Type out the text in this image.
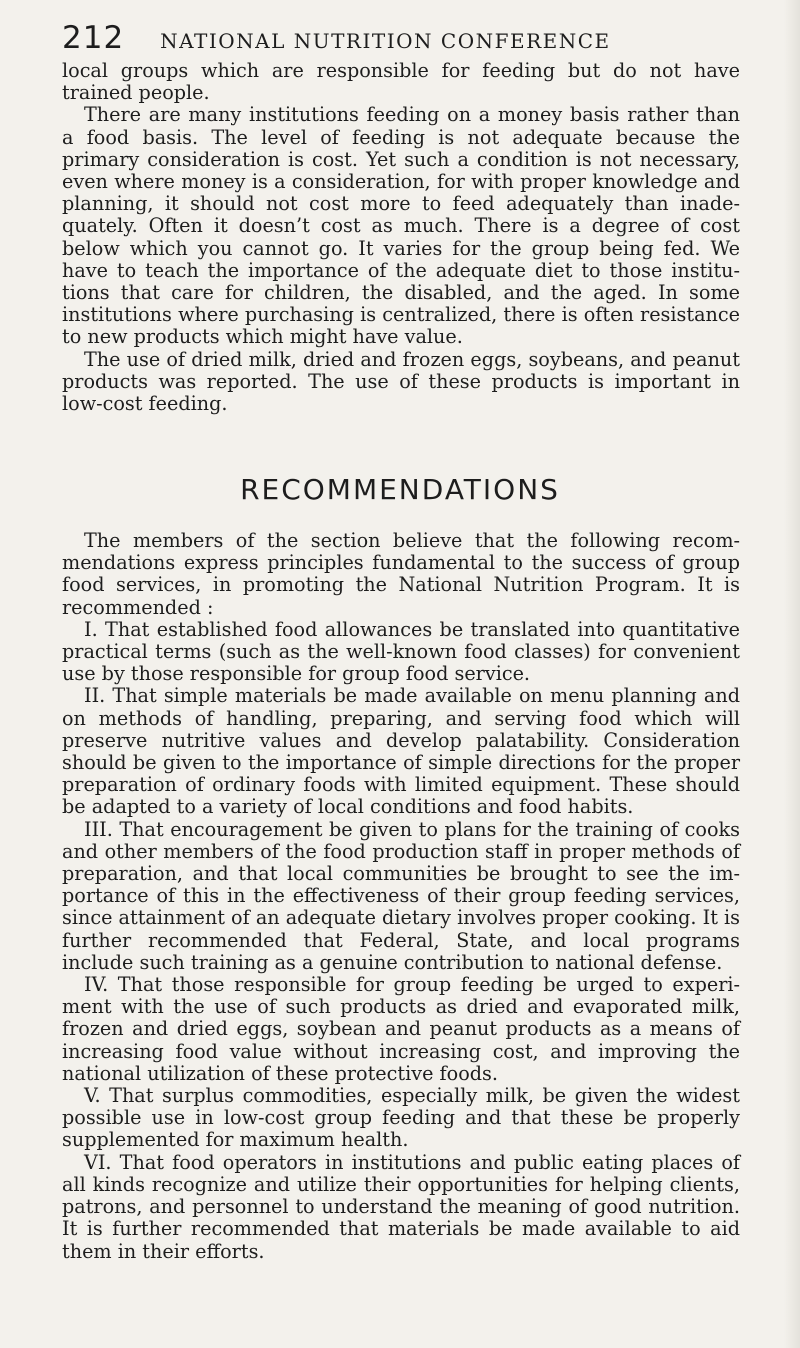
212 NATIONAL NUTRITION CONFERENCE

local groups which are responsible for feeding but do not have trained people.

There are many institutions feeding on a money basis rather than a food basis. The level of feeding is not adequate because the primary consideration is cost. Yet such a condition is not necessary, even where money is a consideration, for with proper knowledge and planning, it should not cost more to feed adequately than inade-quately. Often it doesn’t cost as much. There is a degree of cost below which you cannot go. It varies for the group being fed. We have to teach the importance of the adequate diet to those institu-tions that care for children, the disabled, and the aged. In some institutions where purchasing is centralized, there is often resistance to new products which might have value.

The use of dried milk, dried and frozen eggs, soybeans, and peanut products was reported. The use of these products is important in low-cost feeding.

RECOMMENDATIONS

The members of the section believe that the following recom-mendations express principles fundamental to the success of group food services, in promoting the National Nutrition Program. It is recommended :

I. That established food allowances be translated into quantitative practical terms (such as the well-known food classes) for convenient use by those responsible for group food service.

II. That simple materials be made available on menu planning and on methods of handling, preparing, and serving food which will preserve nutritive values and develop palatability. Consideration should be given to the importance of simple directions for the proper preparation of ordinary foods with limited equipment. These should be adapted to a variety of local conditions and food habits.

III. That encouragement be given to plans for the training of cooks and other members of the food production staff in proper methods of preparation, and that local communities be brought to see the im-portance of this in the effectiveness of their group feeding services, since attainment of an adequate dietary involves proper cooking. It is further recommended that Federal, State, and local programs include such training as a genuine contribution to national defense.

IV. That those responsible for group feeding be urged to experi-ment with the use of such products as dried and evaporated milk, frozen and dried eggs, soybean and peanut products as a means of increasing food value without increasing cost, and improving the national utilization of these protective foods.

V. That surplus commodities, especially milk, be given the widest possible use in low-cost group feeding and that these be properly supplemented for maximum health.

VI. That food operators in institutions and public eating places of all kinds recognize and utilize their opportunities for helping clients, patrons, and personnel to understand the meaning of good nutrition. It is further recommended that materials be made available to aid them in their efforts.
